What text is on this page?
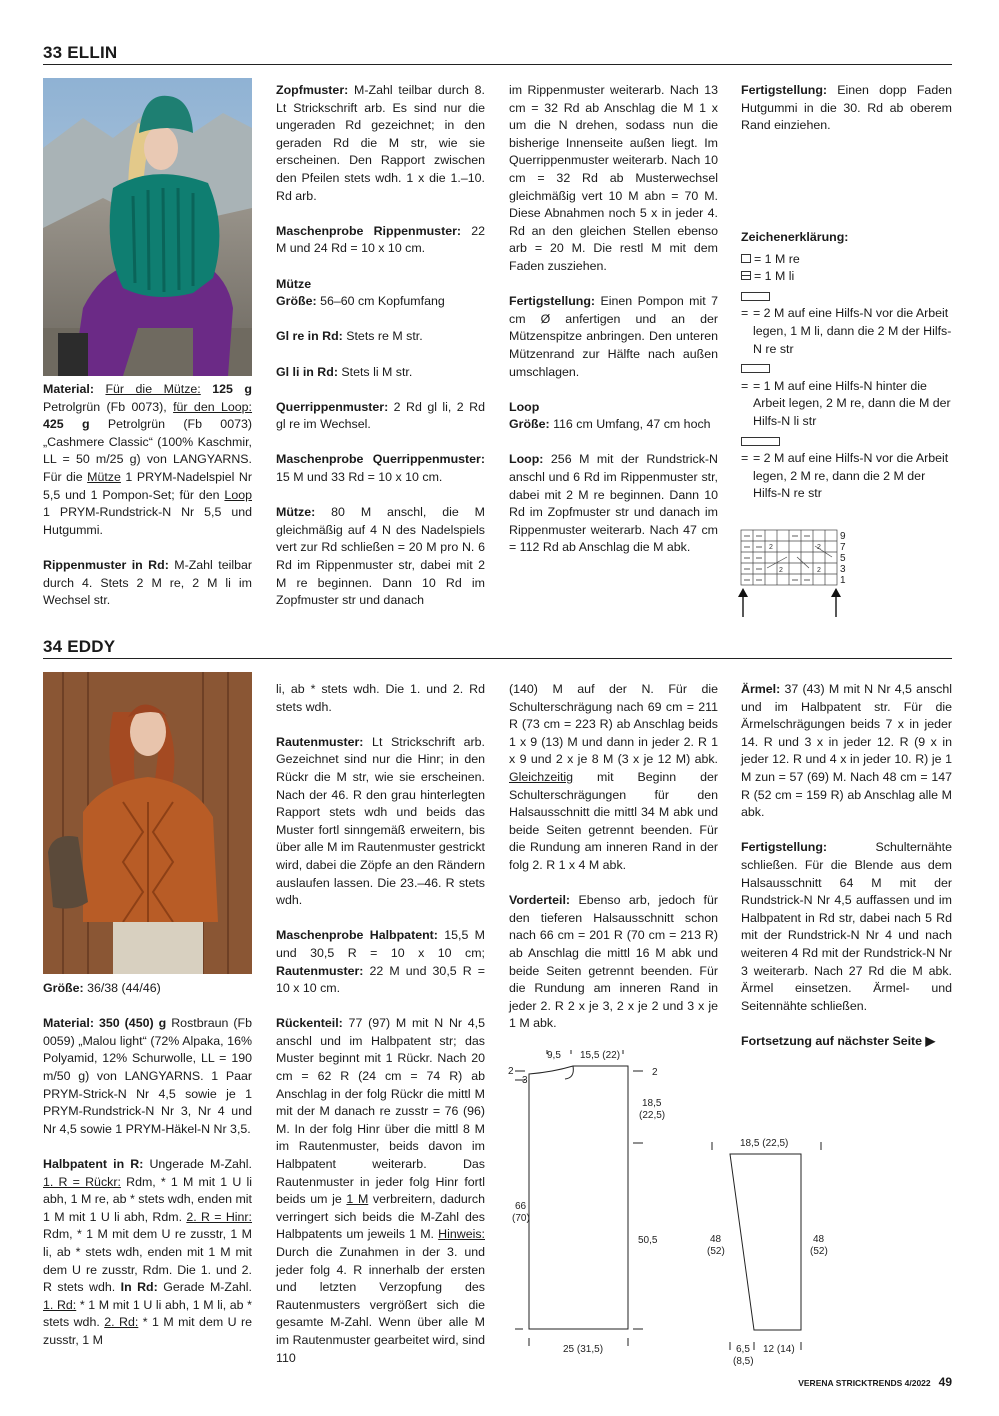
33 ELLIN

Material: Für die Mütze: 125 g Petrolgrün (Fb 0073), für den Loop: 425 g Petrolgrün (Fb 0073) „Cashmere Classic“ (100% Kaschmir, LL = 50 m/25 g) von LANGYARNS. Für die Mütze 1 PRYM-Nadelspiel Nr 5,5 und 1 Pompon-Set; für den Loop 1 PRYM-Rundstrick-N Nr 5,5 und Hutgummi.

Rippenmuster in Rd: M-Zahl teilbar durch 4. Stets 2 M re, 2 M li im Wechsel str.

Zopfmuster: M-Zahl teilbar durch 8. Lt Strickschrift arb. Es sind nur die ungeraden Rd gezeichnet; in den geraden Rd die M str, wie sie erscheinen. Den Rapport zwischen den Pfeilen stets wdh. 1 x die 1.–10. Rd arb.

Maschenprobe Rippenmuster: 22 M und 24 Rd = 10 x 10 cm.

Mütze

Größe: 56–60 cm Kopfumfang

Gl re in Rd: Stets re M str.

Gl li in Rd: Stets li M str.

Querrippenmuster: 2 Rd gl li, 2 Rd gl re im Wechsel.

Maschenprobe Querrippenmuster: 15 M und 33 Rd = 10 x 10 cm.

Mütze: 80 M anschl, die M gleichmäßig auf 4 N des Nadelspiels vert zur Rd schließen = 20 M pro N. 6 Rd im Rippenmuster str, dabei mit 2 M re beginnen. Dann 10 Rd im Zopfmuster str und danach

im Rippenmuster weiterarb. Nach 13 cm = 32 Rd ab Anschlag die M 1 x um die N drehen, sodass nun die bisherige Innenseite außen liegt. Im Querrippenmuster weiterarb. Nach 10 cm = 32 Rd ab Musterwechsel gleichmäßig vert 10 M abn = 70 M. Diese Abnahmen noch 5 x in jeder 4. Rd an den gleichen Stellen ebenso arb = 20 M. Die restl M mit dem Faden zusziehen.

Fertigstellung: Einen Pompon mit 7 cm Ø anfertigen und an der Mützenspitze anbringen. Den unteren Mützenrand zur Hälfte nach außen umschlagen.

Loop

Größe: 116 cm Umfang, 47 cm hoch

Loop: 256 M mit der Rundstrick-N anschl und 6 Rd im Rippenmuster str, dabei mit 2 M re beginnen. Dann 10 Rd im Zopfmuster str und danach im Rippenmuster weiterarb. Nach 47 cm = 112 Rd ab Anschlag die M abk.

Fertigstellung: Einen dopp Faden Hutgummi in die 30. Rd ab oberem Rand einziehen.

Zeichenerklärung:
= 1 M re
= 1 M li
= = 2 M auf eine Hilfs-N vor die Arbeit legen, 1 M li, dann die 2 M der Hilfs-N re str
= = 1 M auf eine Hilfs-N hinter die Arbeit legen, 2 M re, dann die M der Hilfs-N li str
= = 2 M auf eine Hilfs-N vor die Arbeit legen, 2 M re, dann die 2 M der Hilfs-N re str
2	2
2	2
9
7
5
3
1
34 EDDY

Größe: 36/38 (44/46)

Material: 350 (450) g Rostbraun (Fb 0059) „Malou light“ (72% Alpaka, 16% Polyamid, 12% Schurwolle, LL = 190 m/50 g) von LANGYARNS. 1 Paar PRYM-Strick-N Nr 4,5 sowie je 1 PRYM-Rundstrick-N Nr 3, Nr 4 und Nr 4,5 sowie 1 PRYM-Häkel-N Nr 3,5.

Halbpatent in R: Ungerade M-Zahl. 1. R = Rückr: Rdm, * 1 M mit 1 U li abh, 1 M re, ab * stets wdh, enden mit 1 M mit 1 U li abh, Rdm. 2. R = Hinr: Rdm, * 1 M mit dem U re zusstr, 1 M li, ab * stets wdh, enden mit 1 M mit dem U re zusstr, Rdm. Die 1. und 2. R stets wdh. In Rd: Gerade M-Zahl. 1. Rd: * 1 M mit 1 U li abh, 1 M li, ab * stets wdh. 2. Rd: * 1 M mit dem U re zusstr, 1 M

li, ab * stets wdh. Die 1. und 2. Rd stets wdh.

Rautenmuster: Lt Strickschrift arb. Gezeichnet sind nur die Hinr; in den Rückr die M str, wie sie erscheinen. Nach der 46. R den grau hinterlegten Rapport stets wdh und beids das Muster fortl sinngemäß erweitern, bis über alle M im Rautenmuster gestrickt wird, dabei die Zöpfe an den Rändern auslaufen lassen. Die 23.–46. R stets wdh.

Maschenprobe Halbpatent: 15,5 M und 30,5 R = 10 x 10 cm; Rautenmuster: 22 M und 30,5 R = 10 x 10 cm.

Rückenteil: 77 (97) M mit N Nr 4,5 anschl und im Halbpatent str; das Muster beginnt mit 1 Rückr. Nach 20 cm = 62 R (24 cm = 74 R) ab Anschlag in der folg Rückr die mittl M mit der M danach re zusstr = 76 (96) M. In der folg Hinr über die mittl 8 M im Rautenmuster, beids davon im Halbpatent weiterarb. Das Rautenmuster in jeder folg Hinr fortl beids um je 1 M verbreitern, dadurch verringert sich beids die M-Zahl des Halbpatents um jeweils 1 M. Hinweis: Durch die Zunahmen in der 3. und jeder folg 4. R innerhalb der ersten und letzten Verzopfung des Rautenmusters vergrößert sich die gesamte M-Zahl. Wenn über alle M im Rautenmuster gearbeitet wird, sind 110

(140) M auf der N. Für die Schulterschrägung nach 69 cm = 211 R (73 cm = 223 R) ab Anschlag beids 1 x 9 (13) M und dann in jeder 2. R 1 x 9 und 2 x je 8 M (3 x je 12 M) abk. Gleichzeitig mit Beginn der Schulterschrägungen für den Halsausschnitt die mittl 34 M abk und beide Seiten getrennt beenden. Für die Rundung am inneren Rand in der folg 2. R 1 x 4 M abk.

Vorderteil: Ebenso arb, jedoch für den tieferen Halsausschnitt schon nach 66 cm = 201 R (70 cm = 213 R) ab Anschlag die mittl 16 M abk und beide Seiten getrennt beenden. Für die Rundung am inneren Rand in jeder 2. R 2 x je 3, 2 x je 2 und 3 x je 1 M abk.

Ärmel: 37 (43) M mit N Nr 4,5 anschl und im Halbpatent str. Für die Ärmelschrägungen beids 7 x in jeder 14. R und 3 x in jeder 12. R (9 x in jeder 12. R und 4 x in jeder 10. R) je 1 M zun = 57 (69) M. Nach 48 cm = 147 R (52 cm = 159 R) ab Anschlag alle M abk.

Fertigstellung: Schulternähte schließen. Für die Blende aus dem Halsausschnitt 64 M mit der Rundstrick-N Nr 4,5 auffassen und im Halbpatent in Rd str, dabei nach 5 Rd mit der Rundstrick-N Nr 4 und nach weiteren 4 Rd mit der Rundstrick-N Nr 3 weiterarb. Nach 27 Rd die M abk. Ärmel einsetzen. Ärmel- und Seitennähte schließen.

Fortsetzung auf nächster Seite ▶

9,5 15,5 (22)
2
3
2
18,5
(22,5)
66
(70)
50,5
25 (31,5)
18,5 (22,5)
48
(52)
48
(52)
6,5
(8,5)
12 (14)
VERENA STRICKTRENDS 4/2022 49
